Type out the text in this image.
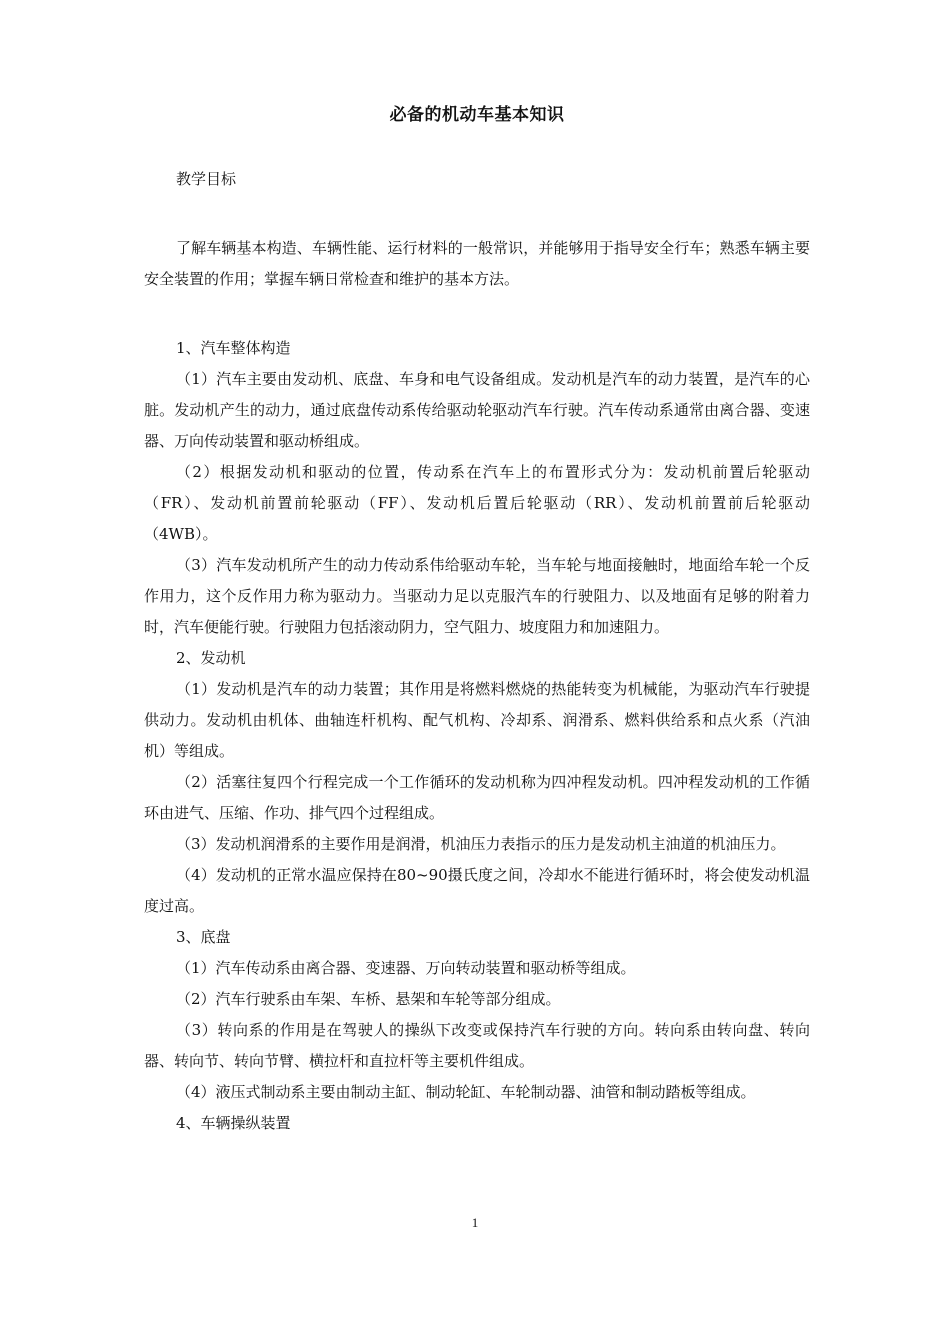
必备的机动车基本知识

教学目标

了解车辆基本构造、车辆性能、运行材料的一般常识，并能够用于指导安全行车；熟悉车辆主要安全装置的作用；掌握车辆日常检查和维护的基本方法。

1、汽车整体构造

（1）汽车主要由发动机、底盘、车身和电气设备组成。发动机是汽车的动力装置，是汽车的心脏。发动机产生的动力，通过底盘传动系传给驱动轮驱动汽车行驶。汽车传动系通常由离合器、变速器、万向传动装置和驱动桥组成。

（2）根据发动机和驱动的位置，传动系在汽车上的布置形式分为：发动机前置后轮驱动（FR）、发动机前置前轮驱动（FF）、发动机后置后轮驱动（RR）、发动机前置前后轮驱动（4WB）。

（3）汽车发动机所产生的动力传动系伟给驱动车轮，当车轮与地面接触时，地面给车轮一个反作用力，这个反作用力称为驱动力。当驱动力足以克服汽车的行驶阻力、以及地面有足够的附着力时，汽车便能行驶。行驶阻力包括滚动阴力，空气阻力、坡度阻力和加速阻力。

2、发动机

（1）发动机是汽车的动力装置；其作用是将燃料燃烧的热能转变为机械能，为驱动汽车行驶提供动力。发动机由机体、曲轴连杆机构、配气机构、冷却系、润滑系、燃料供给系和点火系（汽油机）等组成。

（2）活塞往复四个行程完成一个工作循环的发动机称为四冲程发动机。四冲程发动机的工作循环由进气、压缩、作功、排气四个过程组成。

（3）发动机润滑系的主要作用是润滑，机油压力表指示的压力是发动机主油道的机油压力。

（4）发动机的正常水温应保持在80~90摄氏度之间，冷却水不能进行循环时，将会使发动机温度过高。

3、底盘

（1）汽车传动系由离合器、变速器、万向转动装置和驱动桥等组成。

（2）汽车行驶系由车架、车桥、悬架和车轮等部分组成。

（3）转向系的作用是在驾驶人的操纵下改变或保持汽车行驶的方向。转向系由转向盘、转向器、转向节、转向节臂、横拉杆和直拉杆等主要机件组成。

（4）液压式制动系主要由制动主缸、制动轮缸、车轮制动器、油管和制动踏板等组成。

4、车辆操纵装置

1
